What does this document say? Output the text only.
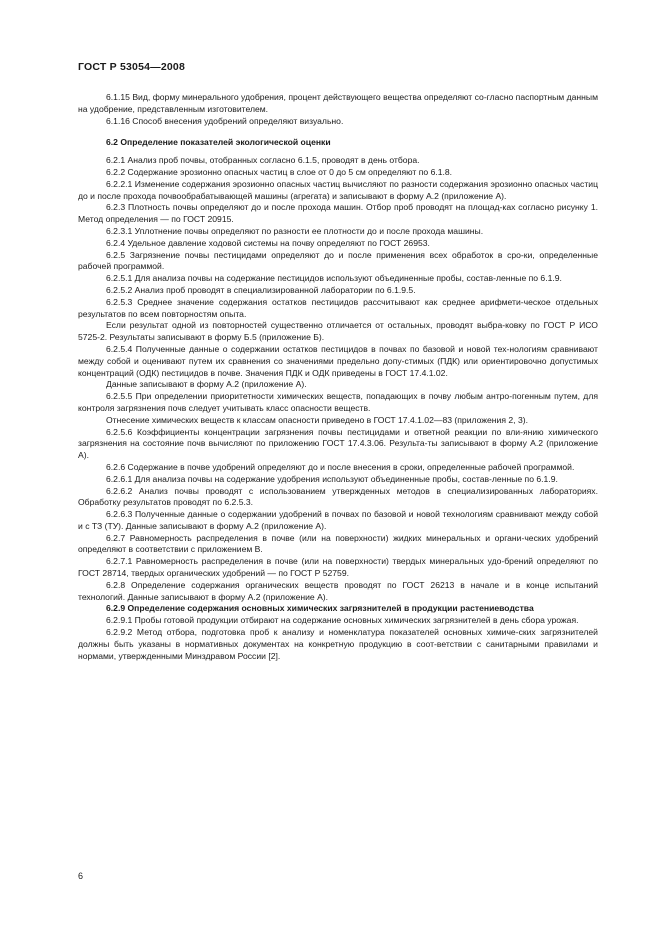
ГОСТ Р 53054—2008

6.1.15 Вид, форму минерального удобрения, процент действующего вещества определяют со-гласно паспортным данным на удобрение, представленным изготовителем.

6.1.16 Способ внесения удобрений определяют визуально.

6.2 Определение показателей экологической оценки

6.2.1 Анализ проб почвы, отобранных согласно 6.1.5, проводят в день отбора.

6.2.2 Содержание эрозионно опасных частиц в слое от 0 до 5 см определяют по 6.1.8.

6.2.2.1 Изменение содержания эрозионно опасных частиц вычисляют по разности содержания эрозионно опасных частиц до и после прохода почвообрабатывающей машины (агрегата) и записывают в форму А.2 (приложение А).

6.2.3 Плотность почвы определяют до и после прохода машин. Отбор проб проводят на площад-ках согласно рисунку 1. Метод определения — по ГОСТ 20915.

6.2.3.1 Уплотнение почвы определяют по разности ее плотности до и после прохода машины.

6.2.4 Удельное давление ходовой системы на почву определяют по ГОСТ 26953.

6.2.5 Загрязнение почвы пестицидами определяют до и после применения всех обработок в сро-ки, определенные рабочей программой.

6.2.5.1 Для анализа почвы на содержание пестицидов используют объединенные пробы, состав-ленные по 6.1.9.

6.2.5.2 Анализ проб проводят в специализированной лаборатории по 6.1.9.5.

6.2.5.3 Среднее значение содержания остатков пестицидов рассчитывают как среднее арифмети-ческое отдельных результатов по всем повторностям опыта.

Если результат одной из повторностей существенно отличается от остальных, проводят выбра-ковку по ГОСТ Р ИСО 5725-2. Результаты записывают в форму Б.5 (приложение Б).

6.2.5.4 Полученные данные о содержании остатков пестицидов в почвах по базовой и новой тех-нологиям сравнивают между собой и оценивают путем их сравнения со значениями предельно допу-стимых (ПДК) или ориентировочно допустимых концентраций (ОДК) пестицидов в почве. Значения ПДК и ОДК приведены в ГОСТ 17.4.1.02.

Данные записывают в форму А.2 (приложение А).

6.2.5.5 При определении приоритетности химических веществ, попадающих в почву любым антро-погенным путем, для контроля загрязнения почв следует учитывать класс опасности веществ.

Отнесение химических веществ к классам опасности приведено в ГОСТ 17.4.1.02—83 (приложения 2, 3).

6.2.5.6 Коэффициенты концентрации загрязнения почвы пестицидами и ответной реакции по вли-янию химического загрязнения на состояние почв вычисляют по приложению ГОСТ 17.4.3.06. Результа-ты записывают в форму А.2 (приложение А).

6.2.6 Содержание в почве удобрений определяют до и после внесения в сроки, определенные рабочей программой.

6.2.6.1 Для анализа почвы на содержание удобрения используют объединенные пробы, состав-ленные по 6.1.9.

6.2.6.2 Анализ почвы проводят с использованием утвержденных методов в специализированных лабораториях. Обработку результатов проводят по 6.2.5.3.

6.2.6.3 Полученные данные о содержании удобрений в почвах по базовой и новой технологиям сравнивают между собой и с ТЗ (ТУ). Данные записывают в форму А.2 (приложение А).

6.2.7 Равномерность распределения в почве (или на поверхности) жидких минеральных и органи-ческих удобрений определяют в соответствии с приложением В.

6.2.7.1 Равномерность распределения в почве (или на поверхности) твердых минеральных удо-брений определяют по ГОСТ 28714, твердых органических удобрений — по ГОСТ Р 52759.

6.2.8 Определение содержания органических веществ проводят по ГОСТ 26213 в начале и в конце испытаний технологий. Данные записывают в форму А.2 (приложение А).

6.2.9 Определение содержания основных химических загрязнителей в продукции растениеводства

6.2.9.1 Пробы готовой продукции отбирают на содержание основных химических загрязнителей в день сбора урожая.

6.2.9.2 Метод отбора, подготовка проб к анализу и номенклатура показателей основных химиче-ских загрязнителей должны быть указаны в нормативных документах на конкретную продукцию в соот-ветствии с санитарными правилами и нормами, утвержденными Минздравом России [2].

6
